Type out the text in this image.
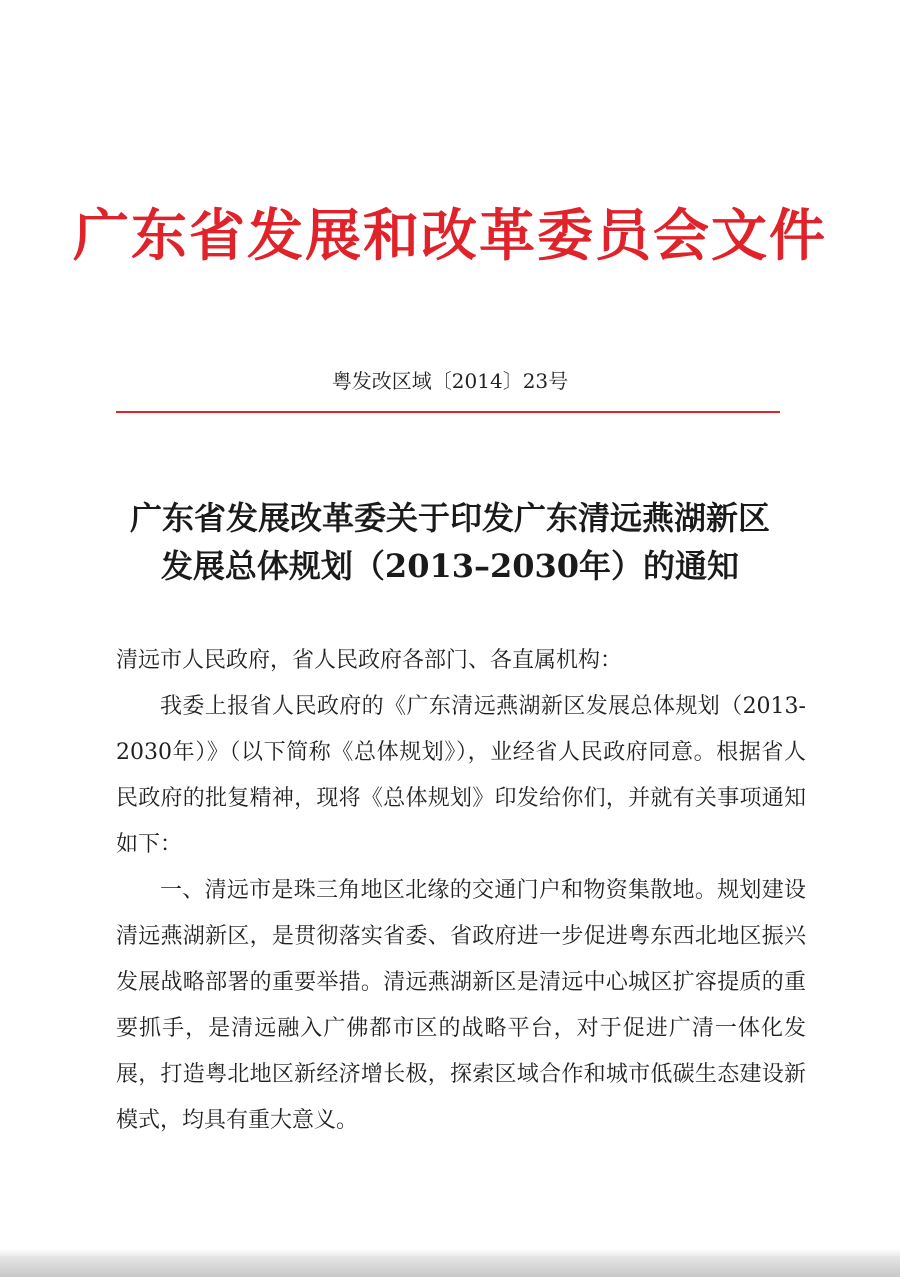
广东省发展和改革委员会文件
粤发改区域〔2014〕23号
广东省发展改革委关于印发广东清远燕湖新区
发展总体规划（2013–2030年）的通知

清远市人民政府，省人民政府各部门、各直属机构：

我委上报省人民政府的《广东清远燕湖新区发展总体规划（2013-2030年）》（以下简称《总体规划》），业经省人民政府同意。根据省人民政府的批复精神，现将《总体规划》印发给你们，并就有关事项通知如下：

一、清远市是珠三角地区北缘的交通门户和物资集散地。规划建设清远燕湖新区，是贯彻落实省委、省政府进一步促进粤东西北地区振兴发展战略部署的重要举措。清远燕湖新区是清远中心城区扩容提质的重要抓手，是清远融入广佛都市区的战略平台，对于促进广清一体化发展，打造粤北地区新经济增长极，探索区域合作和城市低碳生态建设新模式，均具有重大意义。
